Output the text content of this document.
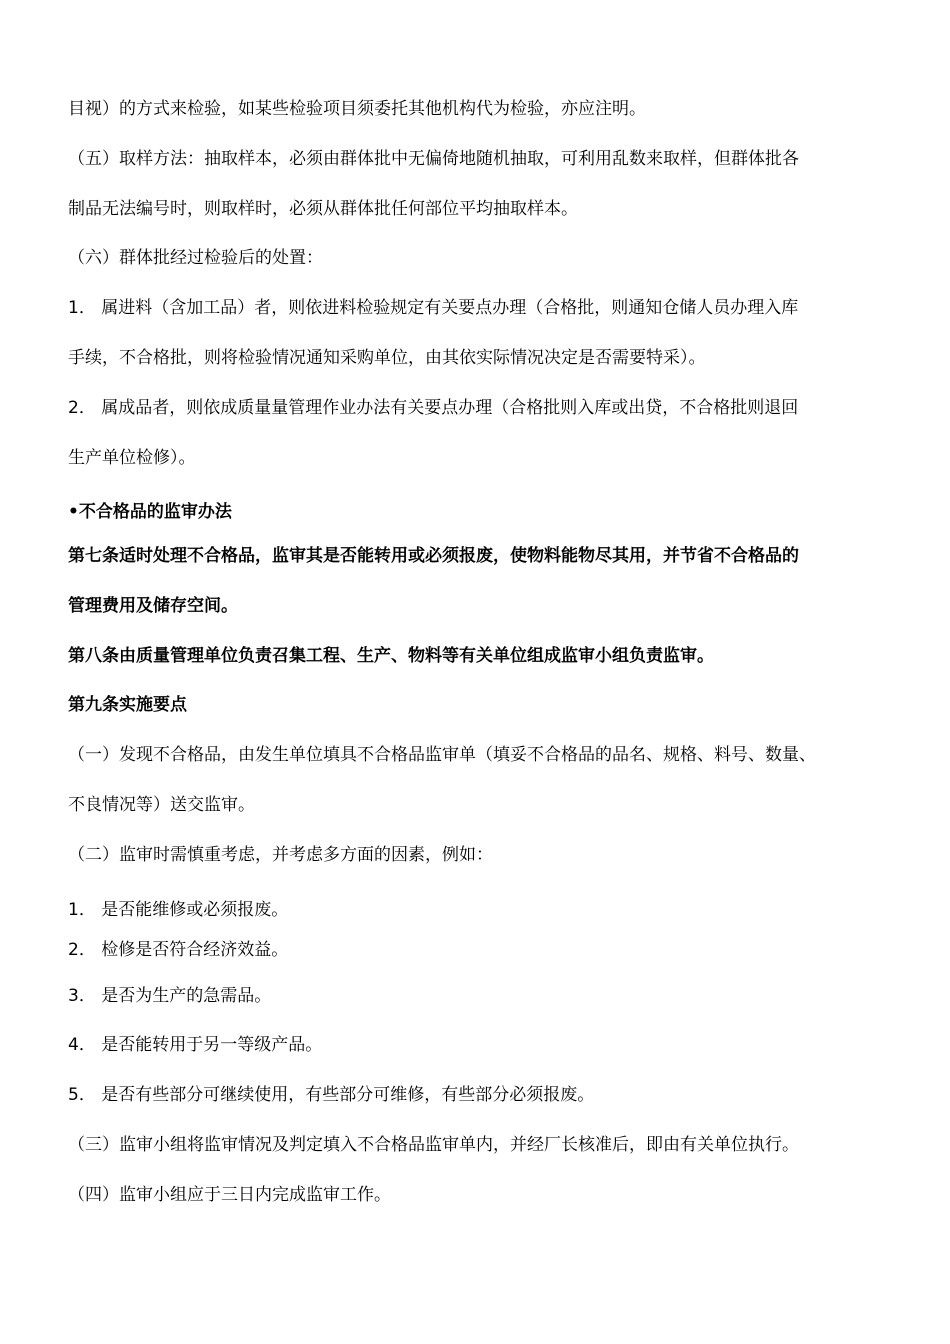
目视）的方式来检验，如某些检验项目须委托其他机构代为检验，亦应注明。
（五）取样方法：抽取样本，必须由群体批中无偏倚地随机抽取，可利用乱数来取样，但群体批各
制品无法编号时，则取样时，必须从群体批任何部位平均抽取样本。
（六）群体批经过检验后的处置：
1． 属进料（含加工品）者，则依进料检验规定有关要点办理（合格批，则通知仓储人员办理入库
手续，不合格批，则将检验情况通知采购单位，由其依实际情况决定是否需要特采）。
2． 属成品者，则依成质量量管理作业办法有关要点办理（合格批则入库或出贷，不合格批则退回
生产单位检修）。
•不合格品的监审办法
第七条适时处理不合格品，监审其是否能转用或必须报废，使物料能物尽其用，并节省不合格品的
管理费用及储存空间。
第八条由质量管理单位负责召集工程、生产、物料等有关单位组成监审小组负责监审。
第九条实施要点
（一）发现不合格品，由发生单位填具不合格品监审单（填妥不合格品的品名、规格、料号、数量、
不良情况等）送交监审。
（二）监审时需慎重考虑，并考虑多方面的因素，例如：
1． 是否能维修或必须报废。
2． 检修是否符合经济效益。
3． 是否为生产的急需品。
4． 是否能转用于另一等级产品。
5． 是否有些部分可继续使用，有些部分可维修，有些部分必须报废。
（三）监审小组将监审情况及判定填入不合格品监审单内，并经厂长核准后，即由有关单位执行。
（四）监审小组应于三日内完成监审工作。
